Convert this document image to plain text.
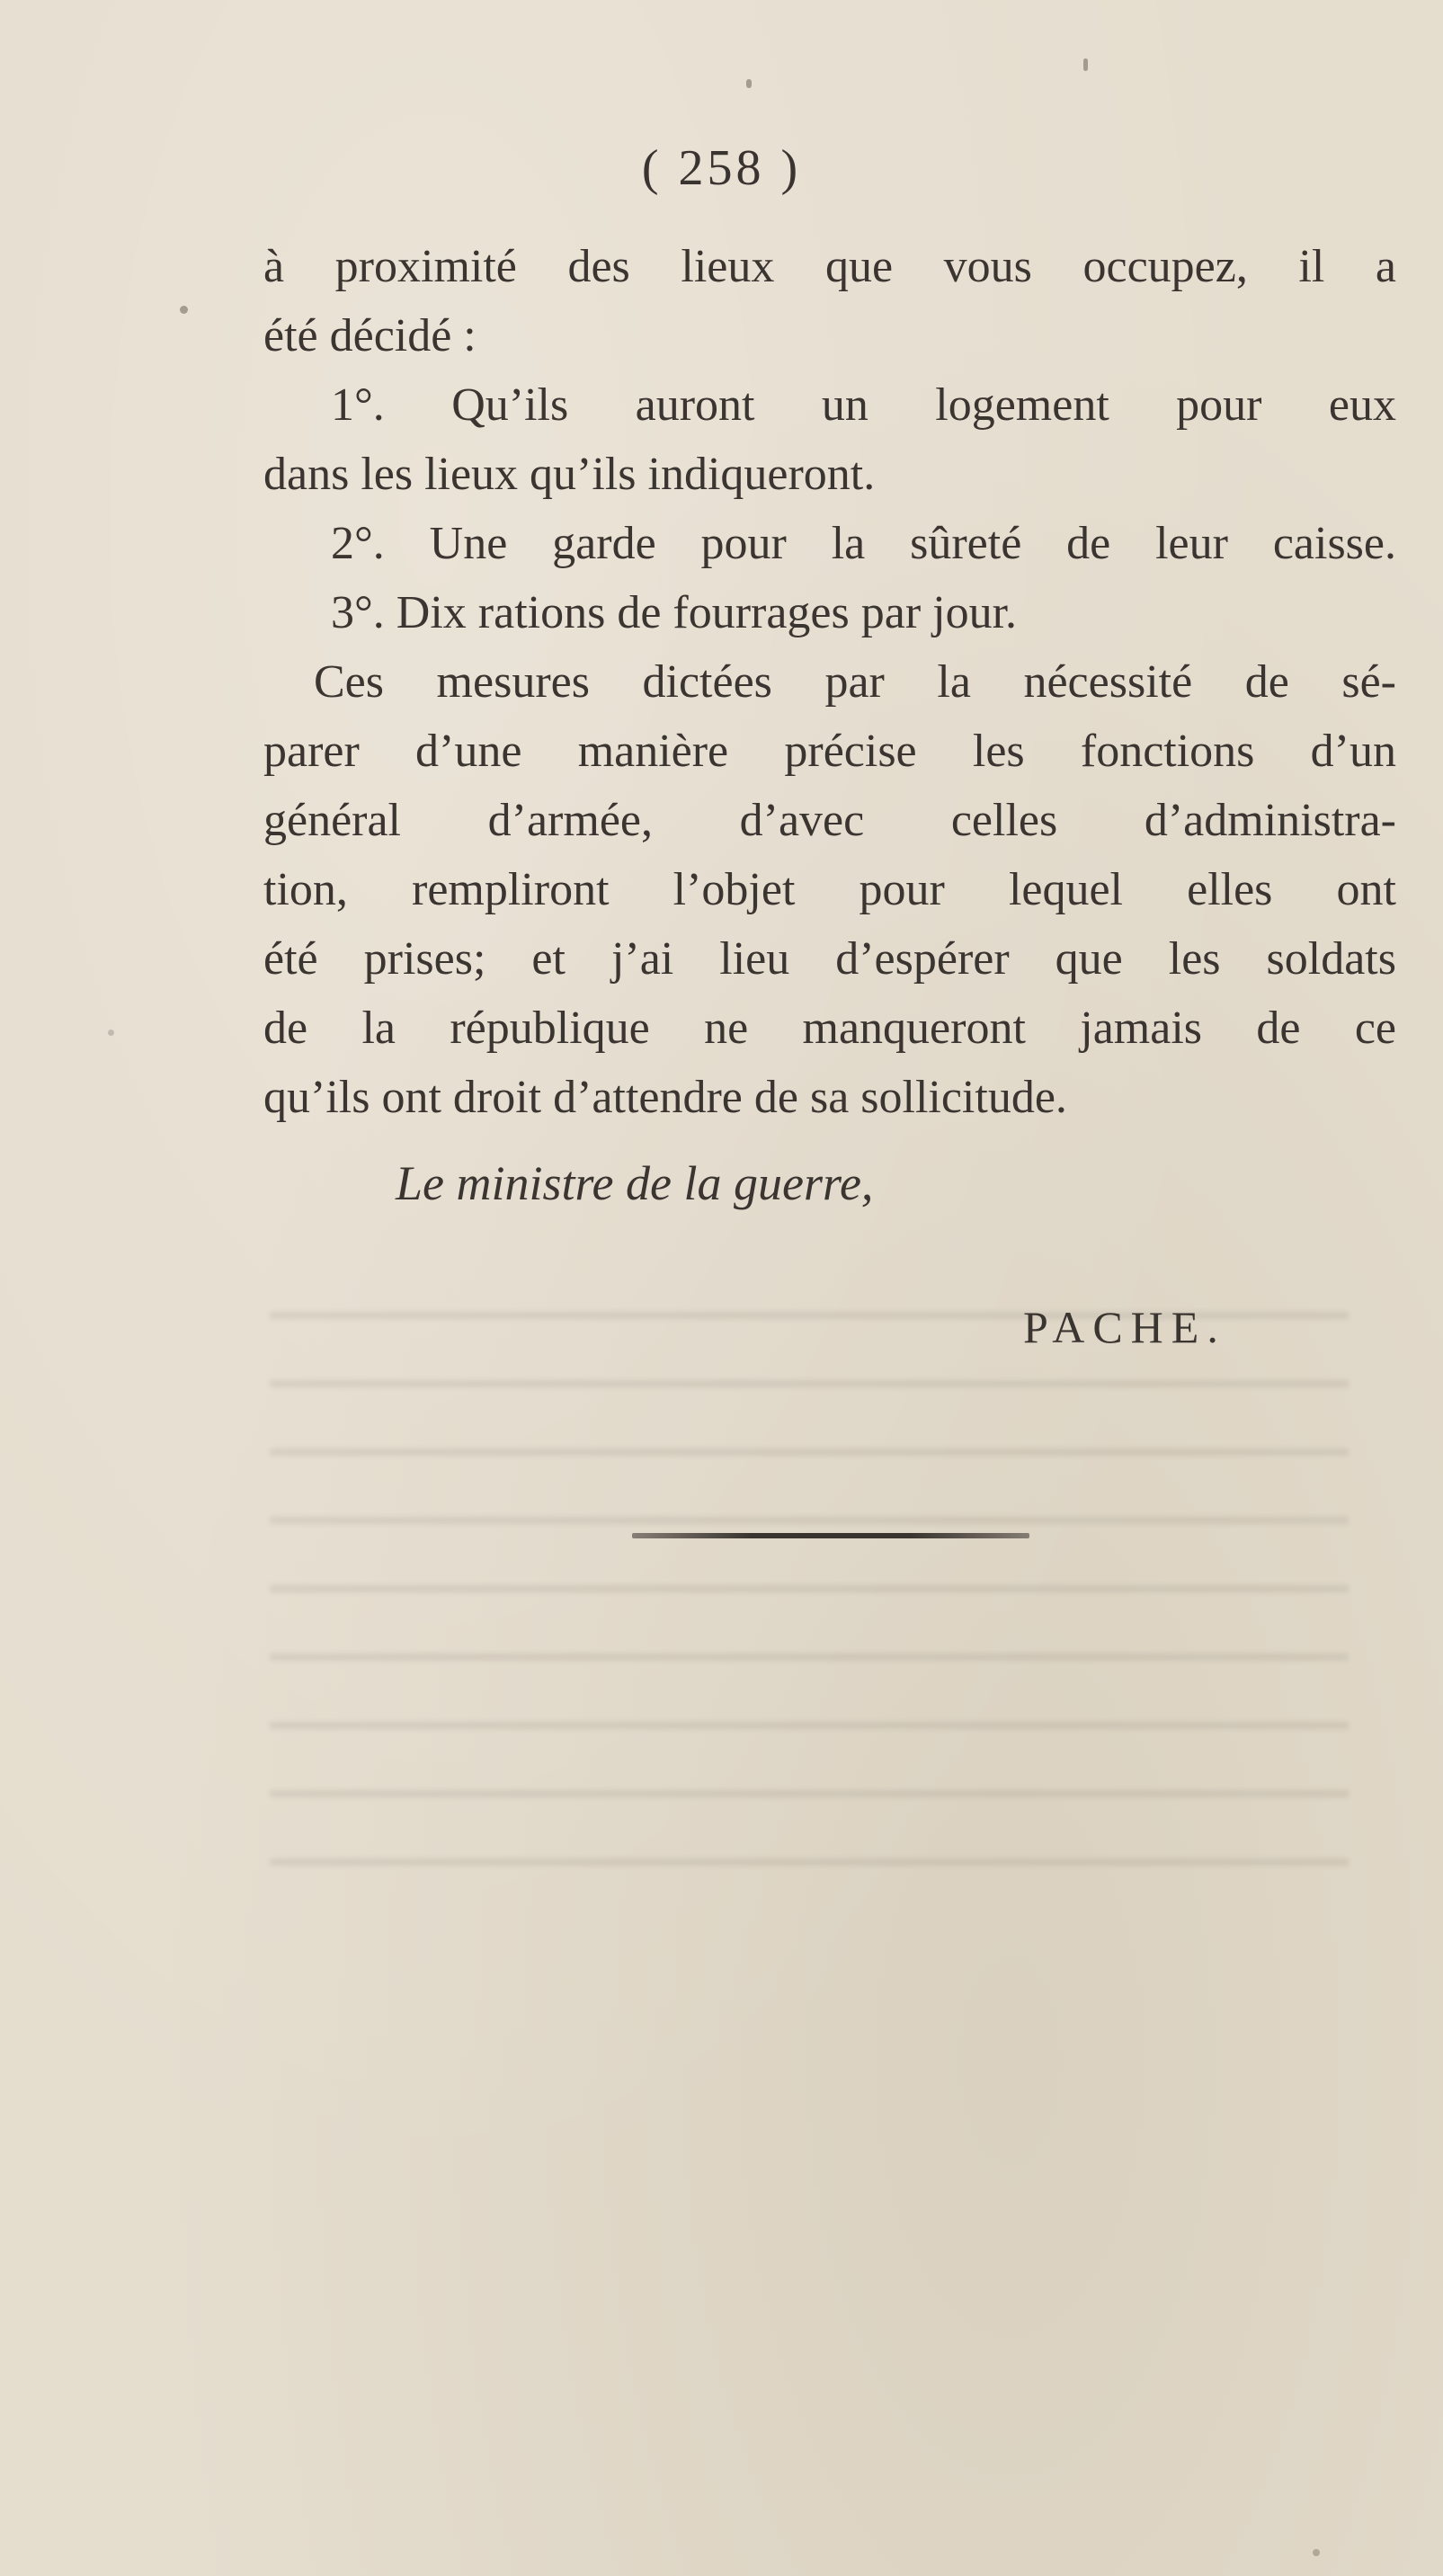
( 258 )
à proximité des lieux que vous occupez, il a
été décidé :
1°. Qu’ils auront un logement pour eux
dans les lieux qu’ils indiqueront.
2°. Une garde pour la sûreté de leur caisse.
3°. Dix rations de fourrages par jour.
Ces mesures dictées par la nécessité de sé-
parer d’une manière précise les fonctions d’un
général d’armée, d’avec celles d’administra-
tion, rempliront l’objet pour lequel elles ont
été prises; et j’ai lieu d’espérer que les soldats
de la république ne manqueront jamais de ce
qu’ils ont droit d’attendre de sa sollicitude.
Le ministre de la guerre,
PACHE.
